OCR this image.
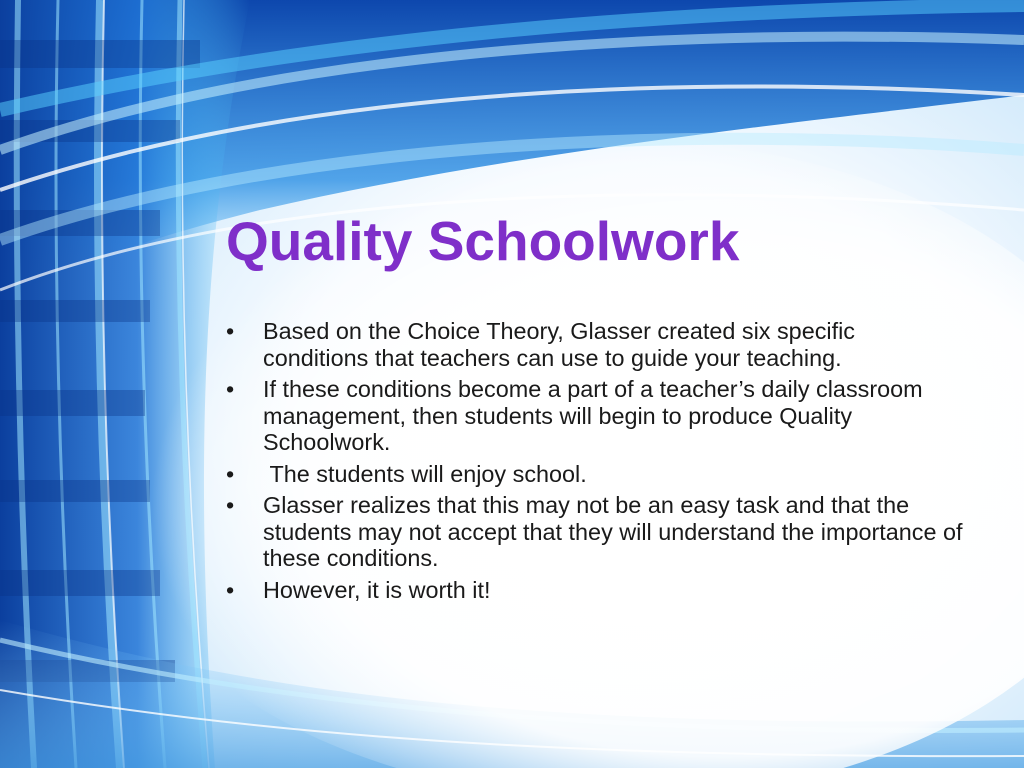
Quality Schoolwork
•	Based on the Choice Theory, Glasser created six specific conditions that teachers can use to guide your teaching.
•	If these conditions become a part of a teacher’s daily classroom management, then students will begin to produce Quality Schoolwork.
•	The students will enjoy school.
•	Glasser realizes that this may not be an easy task and that the students may not accept that they will understand the importance of these conditions.
•	However, it is worth it!
